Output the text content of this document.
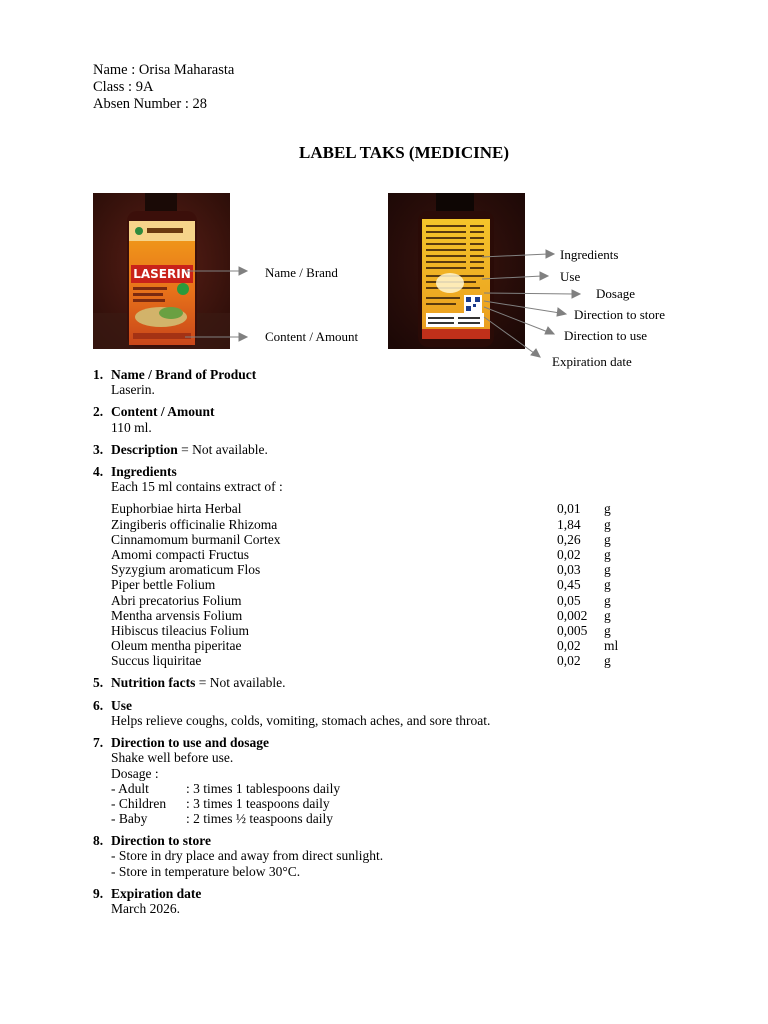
Name : Orisa Maharasta
Class : 9A
Absen Number : 28
LABEL TAKS (MEDICINE)
LASERIN	Name / Brand
Content / Amount
Ingredients
Use
Dosage
Direction to store
Direction to use
Expiration date
1. Name / Brand of Product
Laserin.
2. Content / Amount
110 ml.
3. Description = Not available.
4. Ingredients
Each 15 ml contains extract of :
Euphorbiae hirta Herbal	0,01 g
Zingiberis officinalie Rhizoma	1,84 g
Cinnamomum burmanil Cortex	0,26 g
Amomi compacti Fructus	0,02 g
Syzygium aromaticum Flos	0,03 g
Piper bettle Folium	0,45 g
Abri precatorius Folium	0,05 g
Mentha arvensis Folium	0,002 g
Hibiscus tileacius Folium	0,005 g
Oleum mentha piperitae	0,02 ml
Succus liquiritae	0,02 g
5. Nutrition facts = Not available.
6. Use
Helps relieve coughs, colds, vomiting, stomach aches, and sore throat.
7. Direction to use and dosage
Shake well before use.
Dosage :
- Adult	: 3 times 1 tablespoons daily
- Children : 3 times 1 teaspoons daily
- Baby	: 2 times ½ teaspoons daily
8. Direction to store
- Store in dry place and away from direct sunlight.
- Store in temperature below 30°C.
9. Expiration date
March 2026.
